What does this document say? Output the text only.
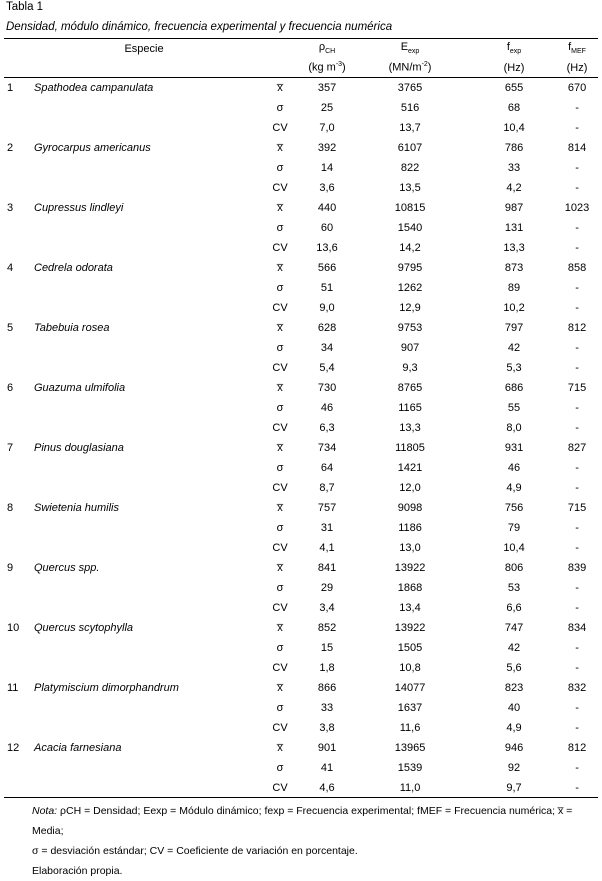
Tabla 1
Densidad, módulo dinámico, frecuencia experimental y frecuencia numérica
Especie			$\rho_{CH}$	$E_{exp}$	$f_{exp}$	$f_{MEF}$
			(kg $m^{-3}$)	$(MN/m^{-2})$	(Hz)	(Hz)
1	Spathodea campanulata	x̅	357	3765	655	670
		σ	25	516	68	-
		CV	7,0	13,7	10,4	-
2	Gyrocarpus americanus	x̅	392	6107	786	814
		σ	14	822	33	-
		CV	3,6	13,5	4,2	-
3	Cupressus lindleyi	x̅	440	10815	987	1023
		σ	60	1540	131	-
		CV	13,6	14,2	13,3	-
4	Cedrela odorata	x̅	566	9795	873	858
		σ	51	1262	89	-
		CV	9,0	12,9	10,2	-
5	Tabebuia rosea	x̅	628	9753	797	812
		σ	34	907	42	-
		CV	5,4	9,3	5,3	-
6	Guazuma ulmifolia	x̅	730	8765	686	715
		σ	46	1165	55	-
		CV	6,3	13,3	8,0	-
7	Pinus douglasiana	x̅	734	11805	931	827
		σ	64	1421	46	-
		CV	8,7	12,0	4,9	-
8	Swietenia humilis	x̅	757	9098	756	715
		σ	31	1186	79	-
		CV	4,1	13,0	10,4	-
9	Quercus spp.	x̅	841	13922	806	839
		σ	29	1868	53	-
		CV	3,4	13,4	6,6	-
10	Quercus scytophylla	x̅	852	13922	747	834
		σ	15	1505	42	-
		CV	1,8	10,8	5,6	-
11	Platymiscium dimorphandrum	x̅	866	14077	823	832
		σ	33	1637	40	-
		CV	3,8	11,6	4,9	-
12	Acacia farnesiana	x̅	901	13965	946	812
		σ	41	1539	92	-
		CV	4,6	11,0	9,7	-
Nota: ρCH = Densidad; Eexp = Módulo dinámico; fexp = Frecuencia experimental; fMEF = Frecuencia numérica; x̅ = Media;
σ = desviación estándar; CV = Coeficiente de variación en porcentaje.
Elaboración propia.
